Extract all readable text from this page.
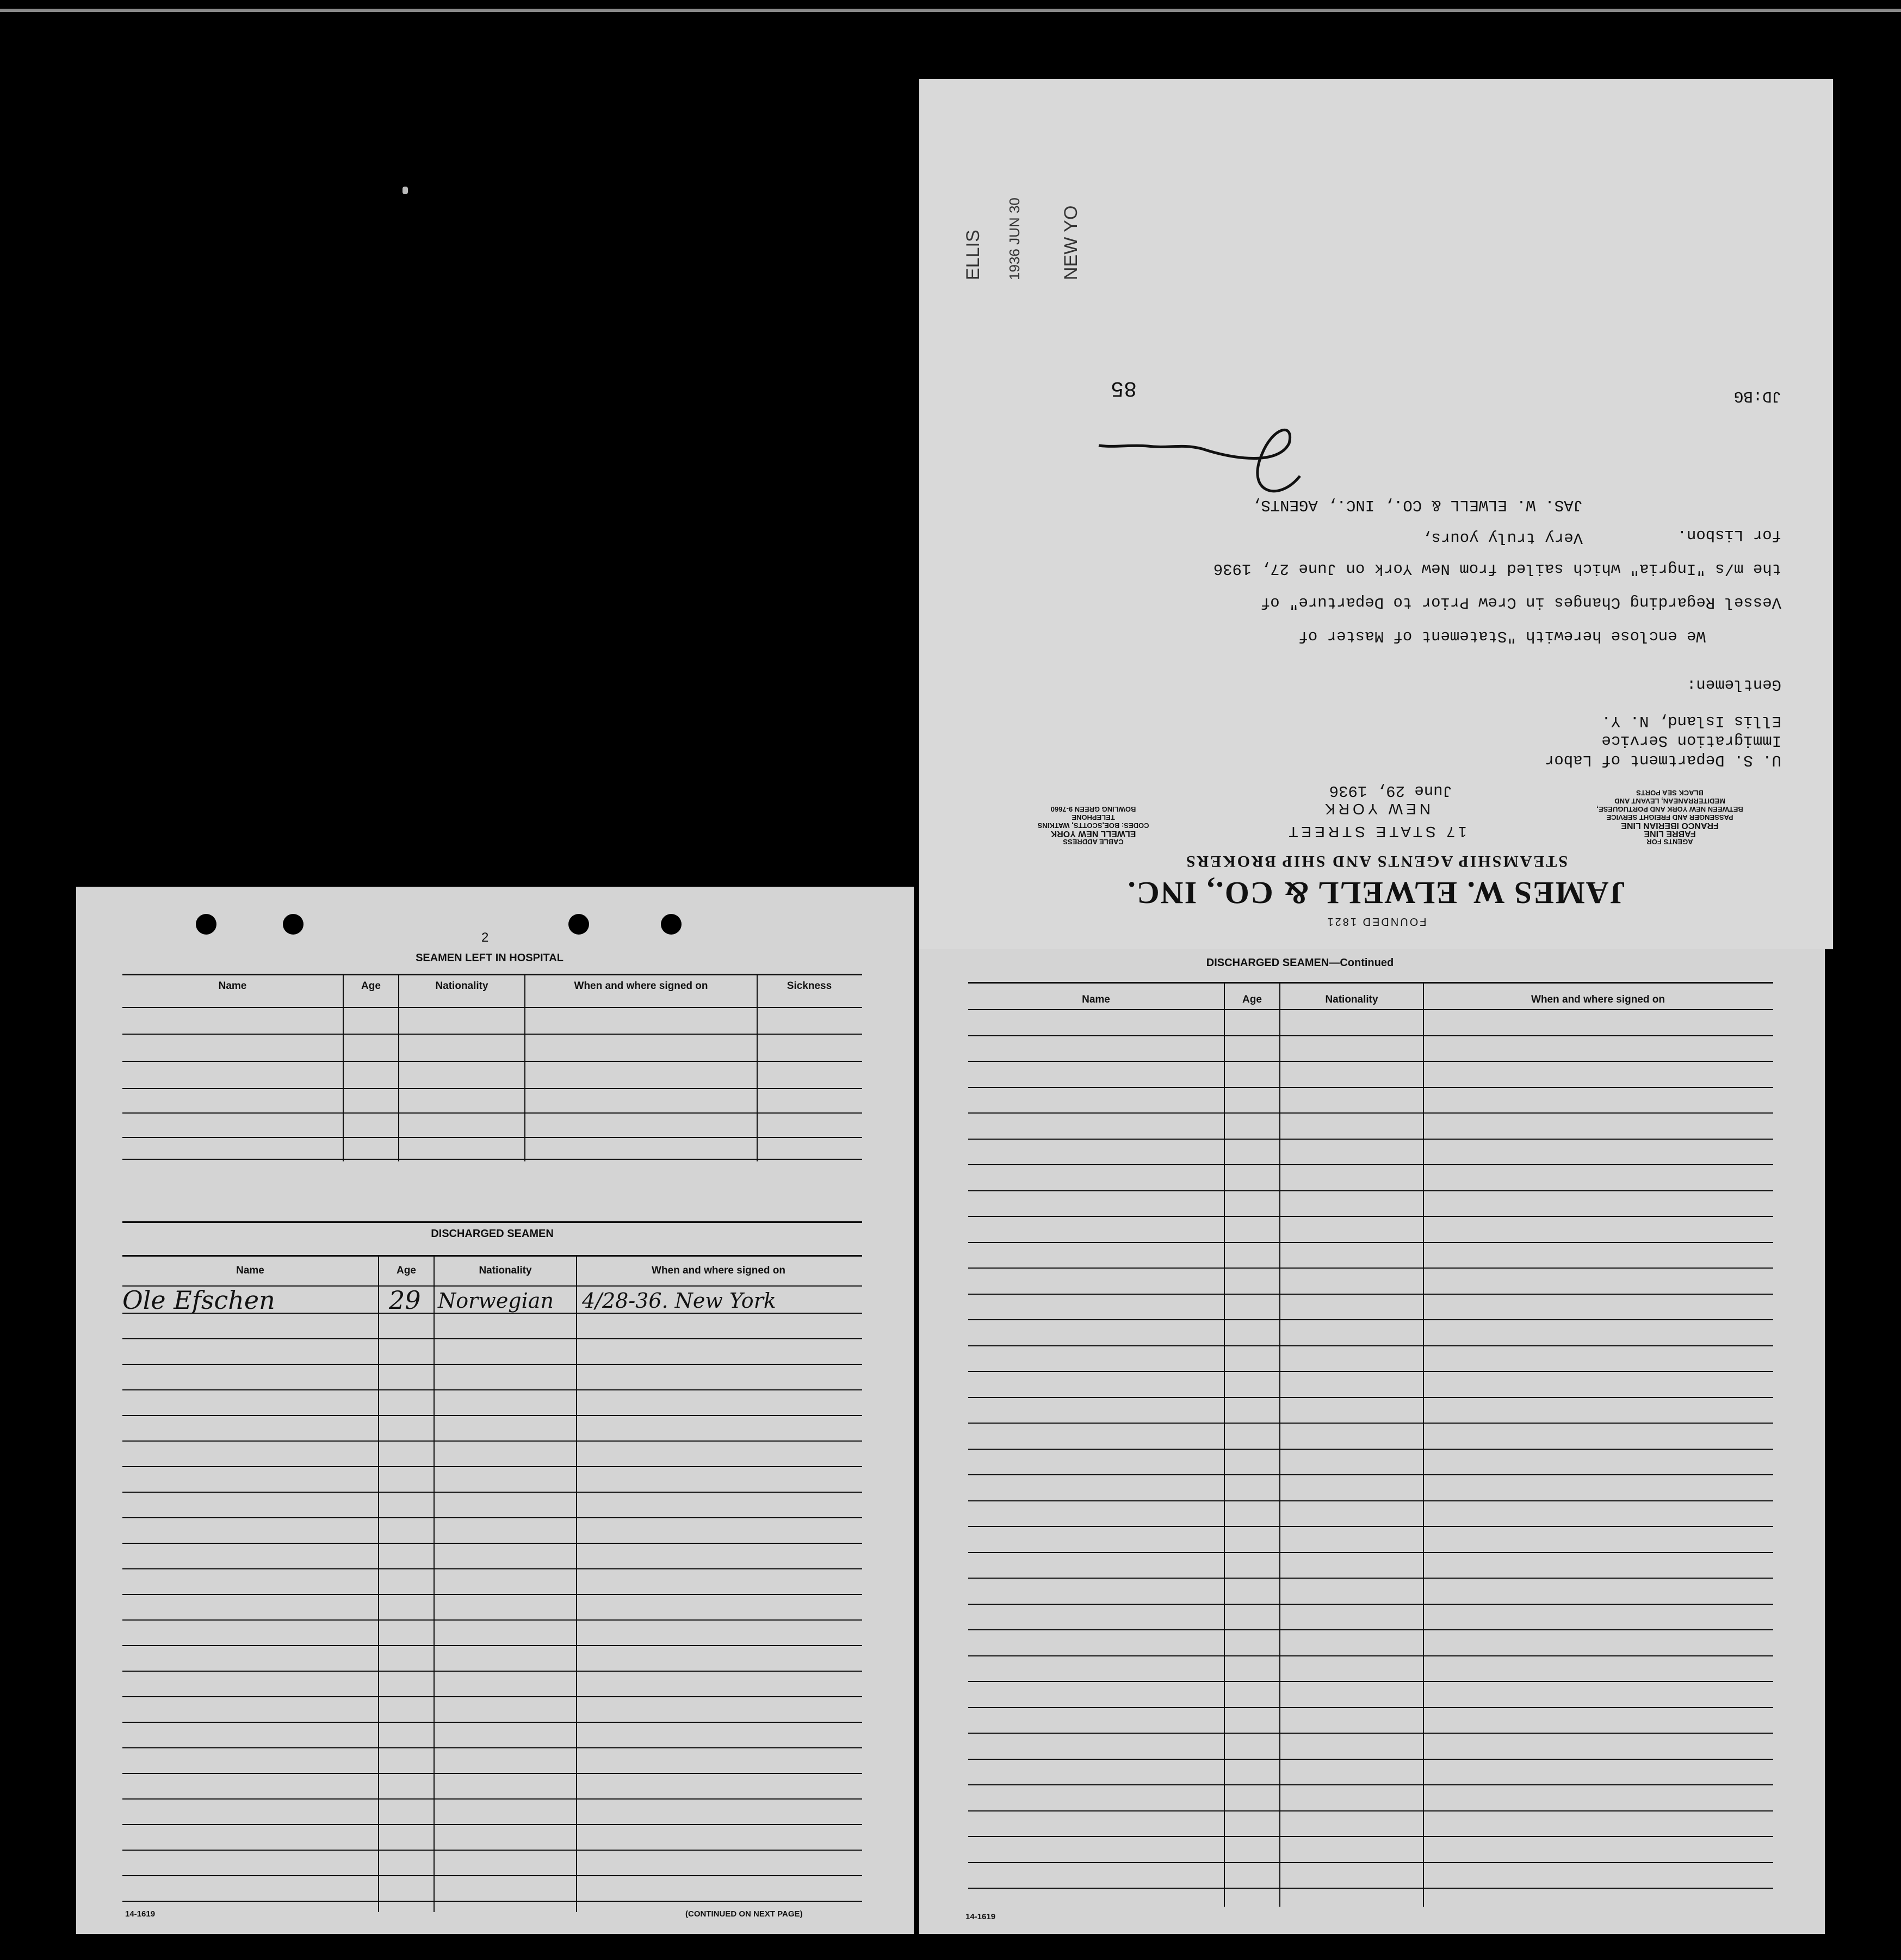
FOUNDED 1821
JAMES W. ELWELL & CO., INC.
STEAMSHIP AGENTS AND SHIP BROKERS
AGENTS FOR
FABRE LINE
FRANCO IBERIAN LINE
PASSENGER AND FREIGHT SERVICE
BETWEEN NEW YORK AND PORTUGUESE,
MEDITERRANEAN, LEVANT AND
BLACK SEA PORTS
CABLE ADDRESS
ELWELL NEW YORK
CODES: BOE,SCOTTS, WATKINS
TELEPHONE
BOWLING GREEN 9-7660
17 STATE STREET
NEW YORK
June 29, 1936
U. S. Department of Labor
Immigration Service
Ellis Island, N. Y.
Gentlemen:
We enclose herewith "Statement of Master of
Vessel Regarding Changes in Crew Prior to Departure" of
the m/s "Ingria" which sailed from New York on June 27, 1936
for Lisbon.
Very truly yours,
JAS. W. ELWELL & CO., INC., AGENTS,
JD:BG
85
ELLIS 1936 JUN 30 NEW YO
2
SEAMEN LEFT IN HOSPITAL
Name	Age	Nationality	When and where signed on	Sickness
DISCHARGED SEAMEN
Name	Age	Nationality	When and where signed on
Ole Efschen	29 Norwegian 4/28-36. New York
14-1619	(CONTINUED ON NEXT PAGE)
DISCHARGED SEAMEN—Continued
Name	Age	Nationality	When and where signed on
14-1619
